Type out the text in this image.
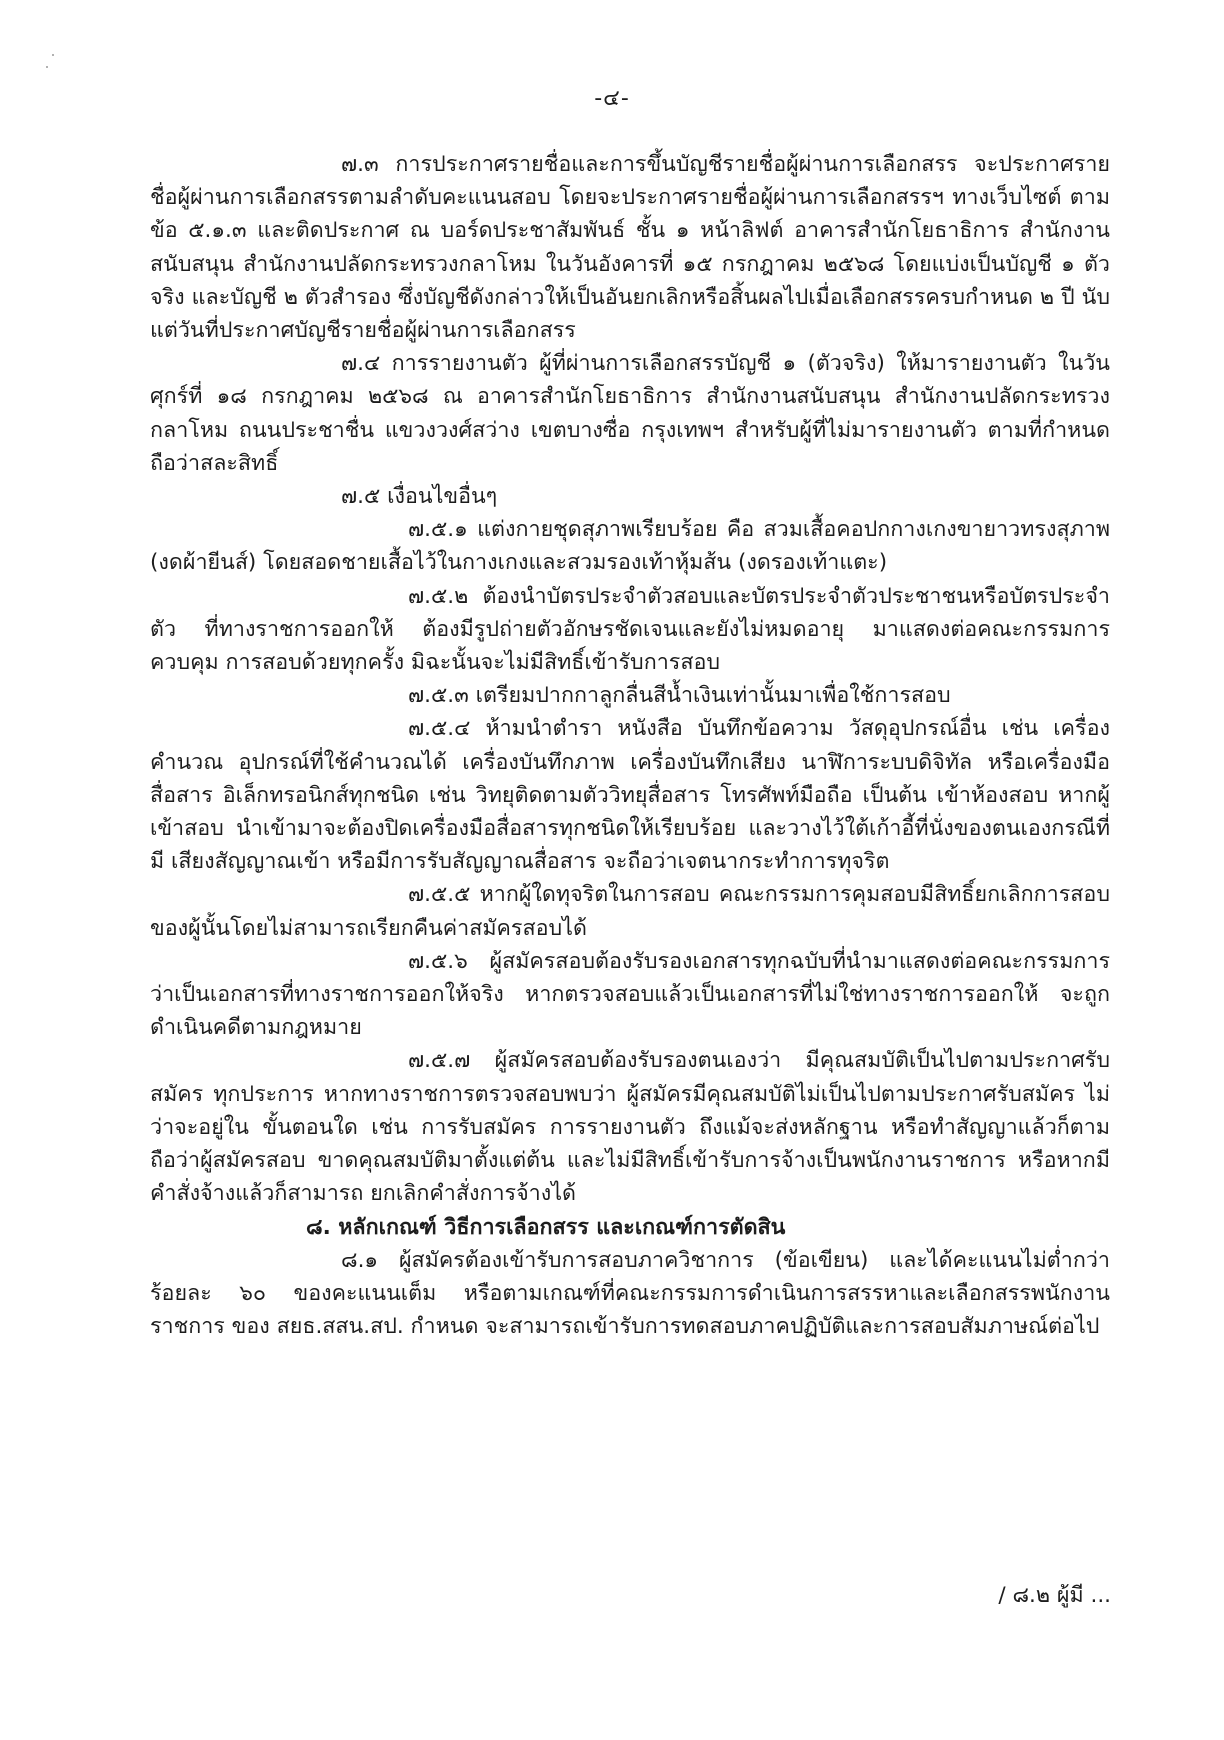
-๔-

๗.๓ การประกาศรายชื่อและการขึ้นบัญชีรายชื่อผู้ผ่านการเลือกสรร จะประกาศรายชื่อผู้ผ่านการเลือกสรรตามลำดับคะแนนสอบ โดยจะประกาศรายชื่อผู้ผ่านการเลือกสรรฯ ทางเว็บไซต์ ตามข้อ ๕.๑.๓ และติดประกาศ ณ บอร์ดประชาสัมพันธ์ ชั้น ๑ หน้าลิฟต์ อาคารสำนักโยธาธิการ สำนักงานสนับสนุน สำนักงานปลัดกระทรวงกลาโหม ในวันอังคารที่ ๑๕ กรกฎาคม ๒๕๖๘ โดยแบ่งเป็นบัญชี ๑ ตัวจริง และบัญชี ๒ ตัวสำรอง ซึ่งบัญชีดังกล่าวให้เป็นอันยกเลิกหรือสิ้นผลไปเมื่อเลือกสรรครบกำหนด ๒ ปี นับแต่วันที่ประกาศบัญชีรายชื่อผู้ผ่านการเลือกสรร

๗.๔ การรายงานตัว ผู้ที่ผ่านการเลือกสรรบัญชี ๑ (ตัวจริง) ให้มารายงานตัว ในวันศุกร์ที่ ๑๘ กรกฎาคม ๒๕๖๘ ณ อาคารสำนักโยธาธิการ สำนักงานสนับสนุน สำนักงานปลัดกระทรวงกลาโหม ถนนประชาชื่น แขวงวงศ์สว่าง เขตบางซื่อ กรุงเทพฯ สำหรับผู้ที่ไม่มารายงานตัว ตามที่กำหนดถือว่าสละสิทธิ์

๗.๕ เงื่อนไขอื่นๆ

๗.๕.๑ แต่งกายชุดสุภาพเรียบร้อย คือ สวมเสื้อคอปกกางเกงขายาวทรงสุภาพ (งดผ้ายีนส์) โดยสอดชายเสื้อไว้ในกางเกงและสวมรองเท้าหุ้มส้น (งดรองเท้าแตะ)

๗.๕.๒ ต้องนำบัตรประจำตัวสอบและบัตรประจำตัวประชาชนหรือบัตรประจำตัว ที่ทางราชการออกให้ ต้องมีรูปถ่ายตัวอักษรชัดเจนและยังไม่หมดอายุ มาแสดงต่อคณะกรรมการควบคุม การสอบด้วยทุกครั้ง มิฉะนั้นจะไม่มีสิทธิ์เข้ารับการสอบ

๗.๕.๓ เตรียมปากกาลูกลื่นสีน้ำเงินเท่านั้นมาเพื่อใช้การสอบ

๗.๕.๔ ห้ามนำตำรา หนังสือ บันทึกข้อความ วัสดุอุปกรณ์อื่น เช่น เครื่องคำนวณ อุปกรณ์ที่ใช้คำนวณได้ เครื่องบันทึกภาพ เครื่องบันทึกเสียง นาฬิการะบบดิจิทัล หรือเครื่องมือสื่อสาร อิเล็กทรอนิกส์ทุกชนิด เช่น วิทยุติดตามตัววิทยุสื่อสาร โทรศัพท์มือถือ เป็นต้น เข้าห้องสอบ หากผู้เข้าสอบ นำเข้ามาจะต้องปิดเครื่องมือสื่อสารทุกชนิดให้เรียบร้อย และวางไว้ใต้เก้าอี้ที่นั่งของตนเองกรณีที่มี เสียงสัญญาณเข้า หรือมีการรับสัญญาณสื่อสาร จะถือว่าเจตนากระทำการทุจริต

๗.๕.๕ หากผู้ใดทุจริตในการสอบ คณะกรรมการคุมสอบมีสิทธิ์ยกเลิกการสอบ ของผู้นั้นโดยไม่สามารถเรียกคืนค่าสมัครสอบได้

๗.๕.๖ ผู้สมัครสอบต้องรับรองเอกสารทุกฉบับที่นำมาแสดงต่อคณะกรรมการ ว่าเป็นเอกสารที่ทางราชการออกให้จริง หากตรวจสอบแล้วเป็นเอกสารที่ไม่ใช่ทางราชการออกให้ จะถูกดำเนินคดีตามกฎหมาย

๗.๕.๗ ผู้สมัครสอบต้องรับรองตนเองว่า มีคุณสมบัติเป็นไปตามประกาศรับสมัคร ทุกประการ หากทางราชการตรวจสอบพบว่า ผู้สมัครมีคุณสมบัติไม่เป็นไปตามประกาศรับสมัคร ไม่ว่าจะอยู่ใน ขั้นตอนใด เช่น การรับสมัคร การรายงานตัว ถึงแม้จะส่งหลักฐาน หรือทำสัญญาแล้วก็ตาม ถือว่าผู้สมัครสอบ ขาดคุณสมบัติมาตั้งแต่ต้น และไม่มีสิทธิ์เข้ารับการจ้างเป็นพนักงานราชการ หรือหากมีคำสั่งจ้างแล้วก็สามารถ ยกเลิกคำสั่งการจ้างได้

๘. หลักเกณฑ์ วิธีการเลือกสรร และเกณฑ์การตัดสิน

๘.๑ ผู้สมัครต้องเข้ารับการสอบภาควิชาการ (ข้อเขียน) และได้คะแนนไม่ต่ำกว่า ร้อยละ ๖๐ ของคะแนนเต็ม หรือตามเกณฑ์ที่คณะกรรมการดำเนินการสรรหาและเลือกสรรพนักงานราชการ ของ สยธ.สสน.สป. กำหนด จะสามารถเข้ารับการทดสอบภาคปฏิบัติและการสอบสัมภาษณ์ต่อไป

/ ๘.๒ ผู้มี ...
